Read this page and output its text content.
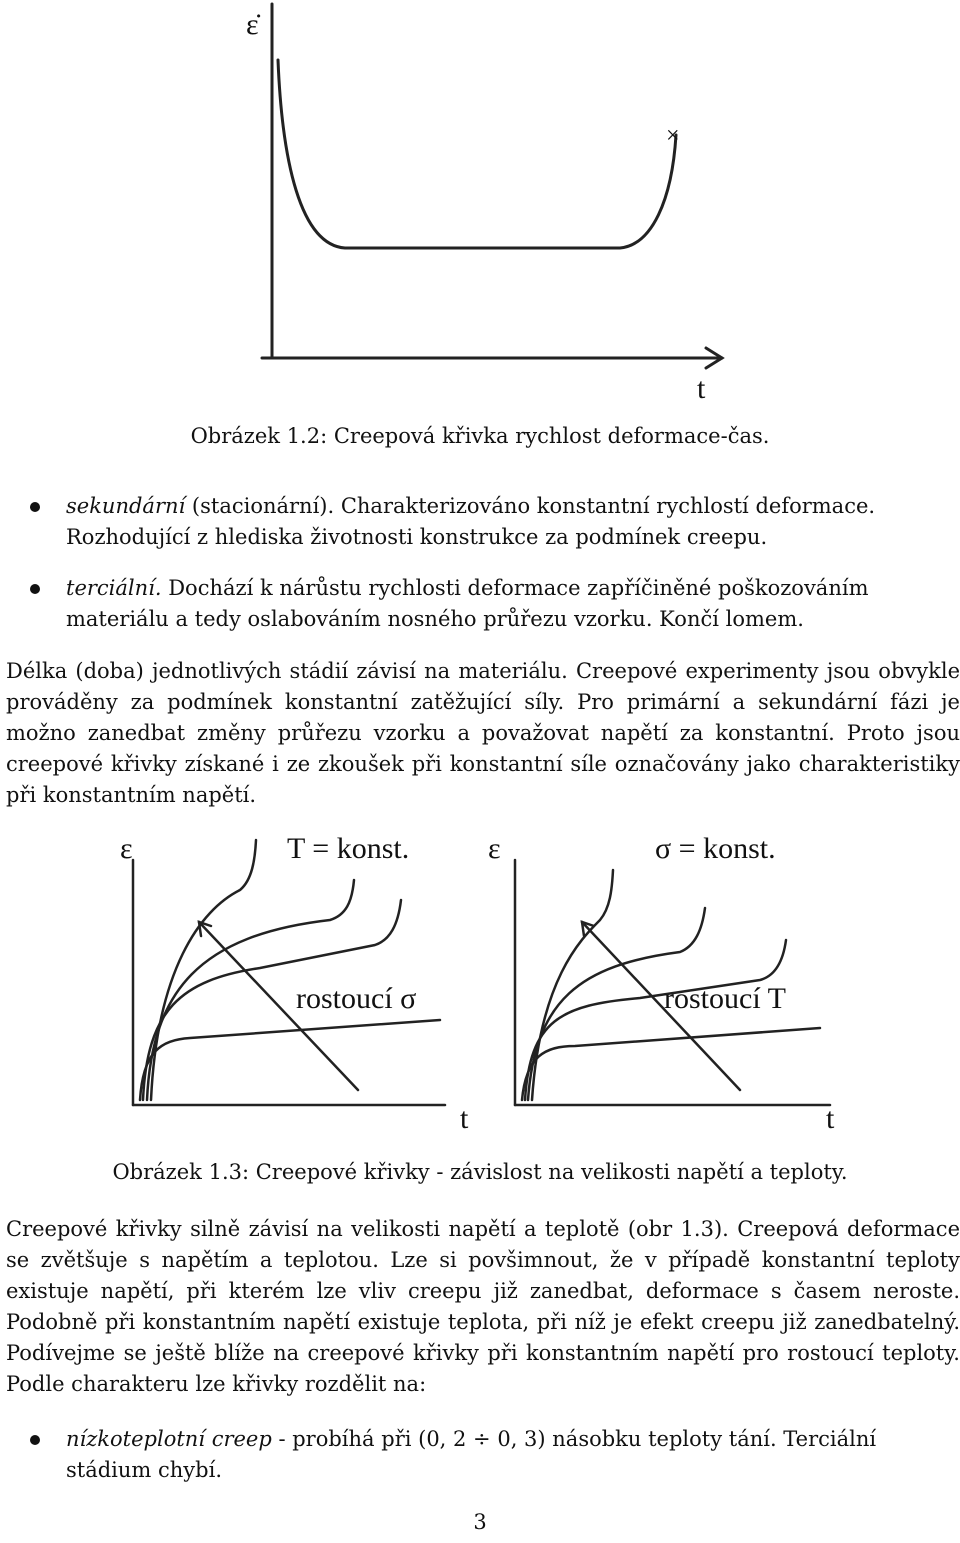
ε̇
t
×
Obrázek 1.2: Creepová křivka rychlost deformace-čas.
sekundární (stacionární). Charakterizováno konstantní rychlostí deformace. Rozhodující z hlediska životnosti konstrukce za podmínek creepu.
terciální. Dochází k nárůstu rychlosti deformace zapříčiněné poškozováním materiálu a tedy oslabováním nosného průřezu vzorku. Končí lomem.

Délka (doba) jednotlivých stádií závisí na materiálu. Creepové experimenty jsou obvykle prováděny za podmínek konstantní zatěžující síly. Pro primární a sekundární fázi je možno zanedbat změny průřezu vzorku a považovat napětí za konstantní. Proto jsou creepové křivky získané i ze zkoušek při konstantní síle označovány jako charakteristiky při konstantním napětí.

ε	T = konst.
rostoucí σ
t
ε	σ = konst.
rostoucí T
t
Obrázek 1.3: Creepové křivky - závislost na velikosti napětí a teploty.

Creepové křivky silně závisí na velikosti napětí a teplotě (obr 1.3). Creepová deformace se zvětšuje s napětím a teplotou. Lze si povšimnout, že v případě konstantní teploty existuje napětí, při kterém lze vliv creepu již zanedbat, deformace s časem neroste. Podobně při konstantním napětí existuje teplota, při níž je efekt creepu již zanedbatelný. Podívejme se ještě blíže na creepové křivky při konstantním napětí pro rostoucí teploty. Podle charakteru lze křivky rozdělit na:

nízkoteplotní creep - probíhá při (0, 2 ÷ 0, 3) násobku teploty tání. Terciální stádium chybí.
3
